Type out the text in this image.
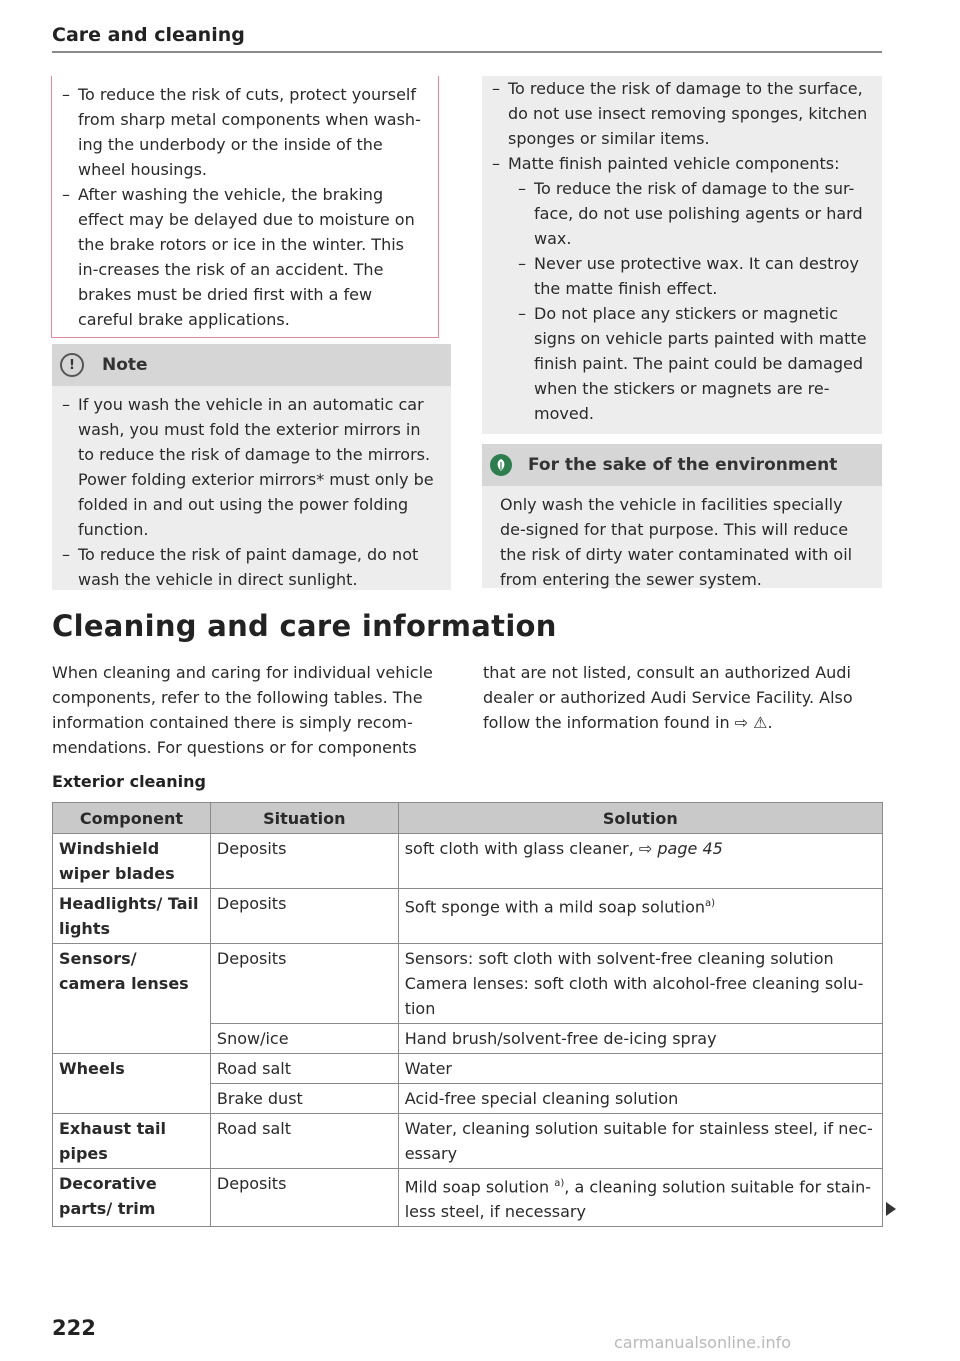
Care and cleaning
– To reduce the risk of cuts, protect yourself from sharp metal components when wash-ing the underbody or the inside of the wheel housings.
– After washing the vehicle, the braking effect may be delayed due to moisture on the brake rotors or ice in the winter. This in-creases the risk of an accident. The brakes must be dried first with a few careful brake applications.
!	Note
– If you wash the vehicle in an automatic car wash, you must fold the exterior mirrors in to reduce the risk of damage to the mirrors. Power folding exterior mirrors* must only be folded in and out using the power folding function.
– To reduce the risk of paint damage, do not wash the vehicle in direct sunlight.
– To reduce the risk of damage to the surface, do not use insect removing sponges, kitchen sponges or similar items.
– Matte finish painted vehicle components:
– To reduce the risk of damage to the sur-face, do not use polishing agents or hard wax.
– Never use protective wax. It can destroy the matte finish effect.
– Do not place any stickers or magnetic signs on vehicle parts painted with matte finish paint. The paint could be damaged when the stickers or magnets are re-moved.
For the sake of the environment
Only wash the vehicle in facilities specially de-signed for that purpose. This will reduce the risk of dirty water contaminated with oil from entering the sewer system.
Cleaning and care information
When cleaning and caring for individual vehicle components, refer to the following tables. The information contained there is simply recom-mendations. For questions or for components
that are not listed, consult an authorized Audi dealer or authorized Audi Service Facility. Also follow the information found in ⇨ ⚠.
Exterior cleaning
Component	Situation	Solution
Windshield wiper blades	Deposits	soft cloth with glass cleaner, ⇨ page 45
Headlights/ Tail lights	Deposits	Soft sponge with a mild soap solution$^{a)}$
Sensors/ camera lenses	Deposits	Sensors: soft cloth with solvent-free cleaning solution
Camera lenses: soft cloth with alcohol-free cleaning solu-tion

	Snow/ice	Hand brush/solvent-free de-icing spray
Wheels	Road salt	Water
	Brake dust	Acid-free special cleaning solution
Exhaust tail pipes	Road salt	Water, cleaning solution suitable for stainless steel, if nec-essary
Decorative parts/ trim	Deposits	Mild soap solution $^{a)}$, a cleaning solution suitable for stain-less steel, if necessary
222
carmanualsonline.info
